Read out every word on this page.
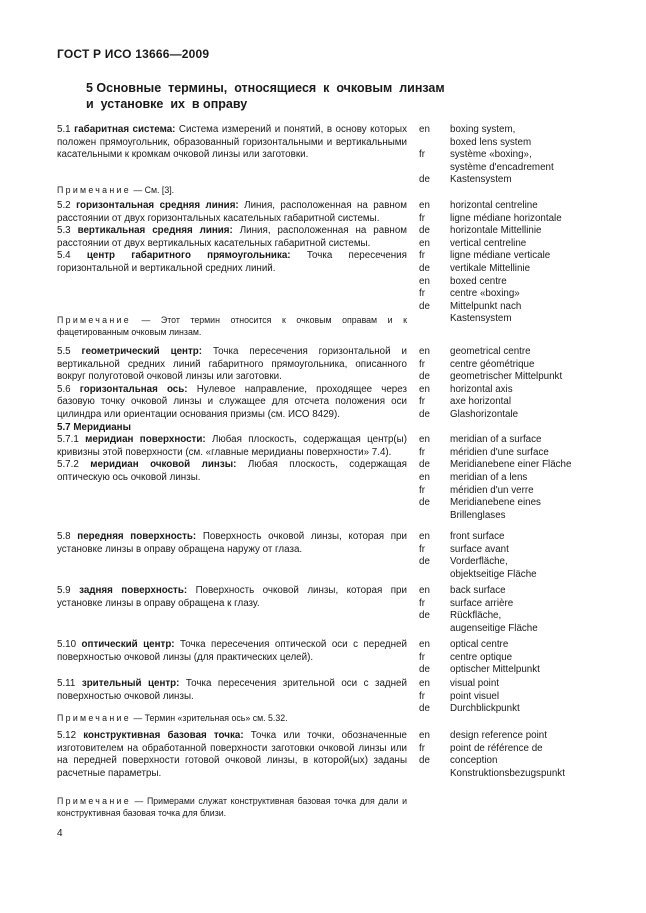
ГОСТ Р ИСО 13666—2009
5 Основные  термины,  относящиеся  к  очковым  линзам
и  установке  их  в оправу
5.1 габаритная система: Система измерений и понятий, в основу которых положен прямоугольник, образованный горизонтальными и вертикальными касательными к кромкам очковой линзы или заготовки.
en	boxing system,
boxed lens system
fr	système «boxing»,
système d'encadrement
de	Kastensystem
Примечание — См. [3].
5.2 горизонтальная средняя линия: Линия, расположенная на равном расстоянии от двух горизонтальных касательных габаритной системы.
5.3 вертикальная средняя линия: Линия, расположенная на равном расстоянии от двух вертикальных касательных габаритной системы.
5.4 центр габаритного прямоугольника: Точка пересечения горизонтальной и вертикальной средних линий.
en	horizontal centreline
fr	ligne médiane horizontale
de	horizontale Mittellinie
en	vertical centreline
fr	ligne médiane verticale
de	vertikale Mittellinie
en	boxed centre
fr	centre «boxing»
de	Mittelpunkt nach
Kastensystem
Примечание — Этот термин относится к очковым оправам и к фацетированным очковым линзам.
5.5 геометрический центр: Точка пересечения горизонтальной и вертикальной средних линий габаритного прямоугольника, описанного вокруг полуготовой очковой линзы или заготовки.
5.6 горизонтальная ось: Нулевое направление, проходящее через базовую точку очковой линзы и служащее для отсчета положения оси цилиндра или ориентации основания призмы (см. ИСО 8429).
5.7 Меридианы
5.7.1 меридиан поверхности: Любая плоскость, содержащая центр(ы) кривизны этой поверхности (см. «главные меридианы поверхности» 7.4).
5.7.2 меридиан очковой линзы: Любая плоскость, содержащая оптическую ось очковой линзы.
en	geometrical centre
fr	centre géométrique
de	geometrischer Mittelpunkt
en	horizontal axis
fr	axe horizontal
de	Glashorizontale
en	meridian of a surface
fr	méridien d'une surface
de	Meridianebene einer Fläche
en	meridian of a lens
fr	méridien d'un verre
de	Meridianebene eines
Brillenglases
5.8 передняя поверхность: Поверхность очковой линзы, которая при установке линзы в оправу обращена наружу от глаза.
en	front surface
fr	surface avant
de	Vorderfläche,
objektseitige Fläche
5.9 задняя поверхность: Поверхность очковой линзы, которая при установке линзы в оправу обращена к глазу.
en	back surface
fr	surface arrière
de	Rückfläche,
augenseitige Fläche
5.10 оптический центр: Точка пересечения оптической оси с передней поверхностью очковой линзы (для практических целей).
en	optical centre
fr	centre optique
de	optischer Mittelpunkt
5.11 зрительный центр: Точка пересечения зрительной оси с задней поверхностью очковой линзы.
en	visual point
fr	point visuel
de	Durchblickpunkt
Примечание — Термин «зрительная ось» см. 5.32.
5.12 конструктивная базовая точка: Точка или точки, обозначенные изготовителем на обработанной поверхности заготовки очковой линзы или на передней поверхности готовой очковой линзы, в которой(ых) заданы расчетные параметры.
en	design reference point
fr	point de référence de
de	conception
Konstruktionsbezugspunkt
Примечание — Примерами служат конструктивная базовая точка для дали и конструктивная базовая точка для близи.
4
